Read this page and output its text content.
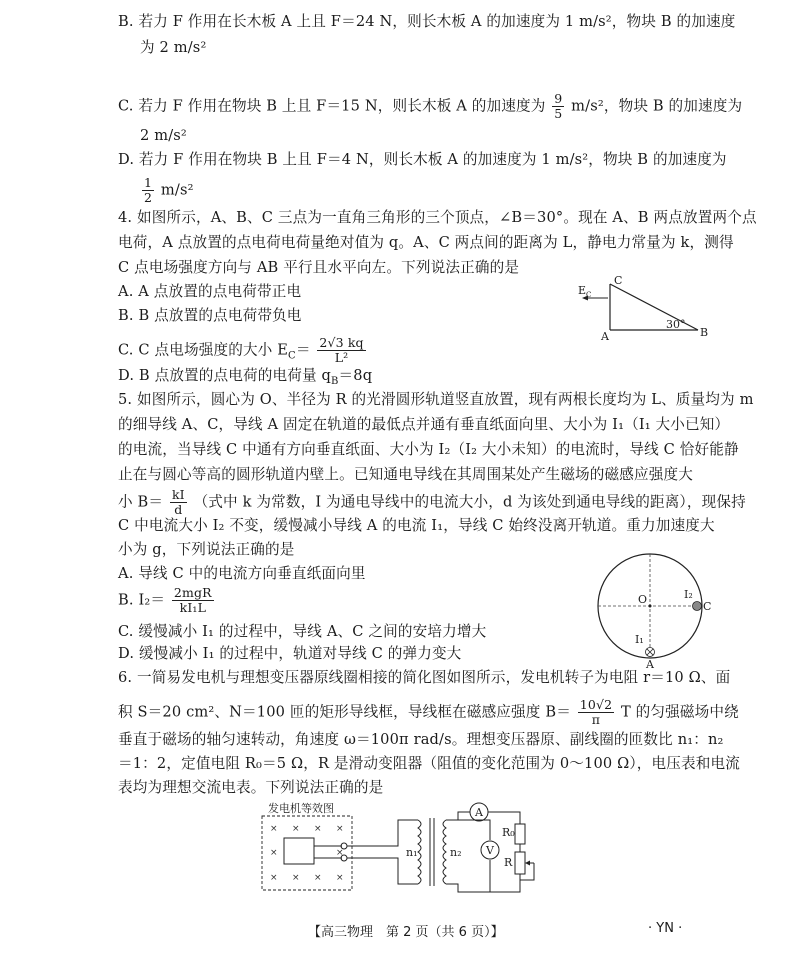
B. 若力 F 作用在长木板 A 上且 F＝24 N，则长木板 A 的加速度为 1 m/s²，物块 B 的加速度
为 2 m/s²
C. 若力 F 作用在物块 B 上且 F＝15 N，则长木板 A 的加速度为 $\frac{9}{5} m/s^2$，物块 B 的加速度为
2 m/s²
D. 若力 F 作用在物块 B 上且 F＝4 N，则长木板 A 的加速度为 1 m/s²，物块 B 的加速度为
$\frac{1}{2} m/s^2$
4. 如图所示，A、B、C 三点为一直角三角形的三个顶点，∠B＝30°。现在 A、B 两点放置两个点
电荷，A 点放置的点电荷电荷量绝对值为 q。A、C 两点间的距离为 L，静电力常量为 k，测得
C 点电场强度方向与 AB 平行且水平向左。下列说法正确的是
A. A 点放置的点电荷带正电
B. B 点放置的点电荷带负电
C. C 点电场强度的大小 $E_C= \frac{2√3 kq}{\text{L²}}$
D. B 点放置的点电荷的电荷量 $q_B=8q$
C
A	B
$E_C$
30°
5. 如图所示，圆心为 O、半径为 R 的光滑圆形轨道竖直放置，现有两根长度均为 L、质量均为 m
的细导线 A、C，导线 A 固定在轨道的最低点并通有垂直纸面向里、大小为 I₁（I₁ 大小已知）
的电流，当导线 C 中通有方向垂直纸面、大小为 I₂（I₂ 大小未知）的电流时，导线 C 恰好能静
止在与圆心等高的圆形轨道内壁上。已知通电导线在其周围某处产生磁场的磁感应强度大
小 $B= \frac{kI}{d}$ （式中 k 为常数，I 为通电导线中的电流大小，d 为该处到通电导线的距离），现保持
C 中电流大小 I₂ 不变，缓慢减小导线 A 的电流 I₁，导线 C 始终没离开轨道。重力加速度大
小为 g，下列说法正确的是
A. 导线 C 中的电流方向垂直纸面向里
B. $I_2= \frac{\text{2mgR}}{\text{kI₁L}}$
C. 缓慢减小 I₁ 的过程中，导线 A、C 之间的安培力增大
D. 缓慢减小 I₁ 的过程中，轨道对导线 C 的弹力变大
O	I₂
C
I₁
A
6. 一简易发电机与理想变压器原线圈相接的简化图如图所示，发电机转子为电阻 r＝10 Ω、面
积 S＝20 cm²、N＝100 匝的矩形导线框，导线框在磁感应强度 $B= \frac{10√2}{\pi}$ T 的匀强磁场中绕
垂直于磁场的轴匀速转动，角速度 ω＝100π rad/s。理想变压器原、副线圈的匝数比 n₁：n₂
＝1：2，定值电阻 R₀＝5 Ω，R 是滑动变阻器（阻值的变化范围为 0～100 Ω），电压表和电流
表均为理想交流电表。下列说法正确的是
发电机等效图
× × × ×
×	×
× × × ×
n₁	n₂
A
R₀
R
V
【高三物理　第 2 页（共 6 页）】	· YN ·
